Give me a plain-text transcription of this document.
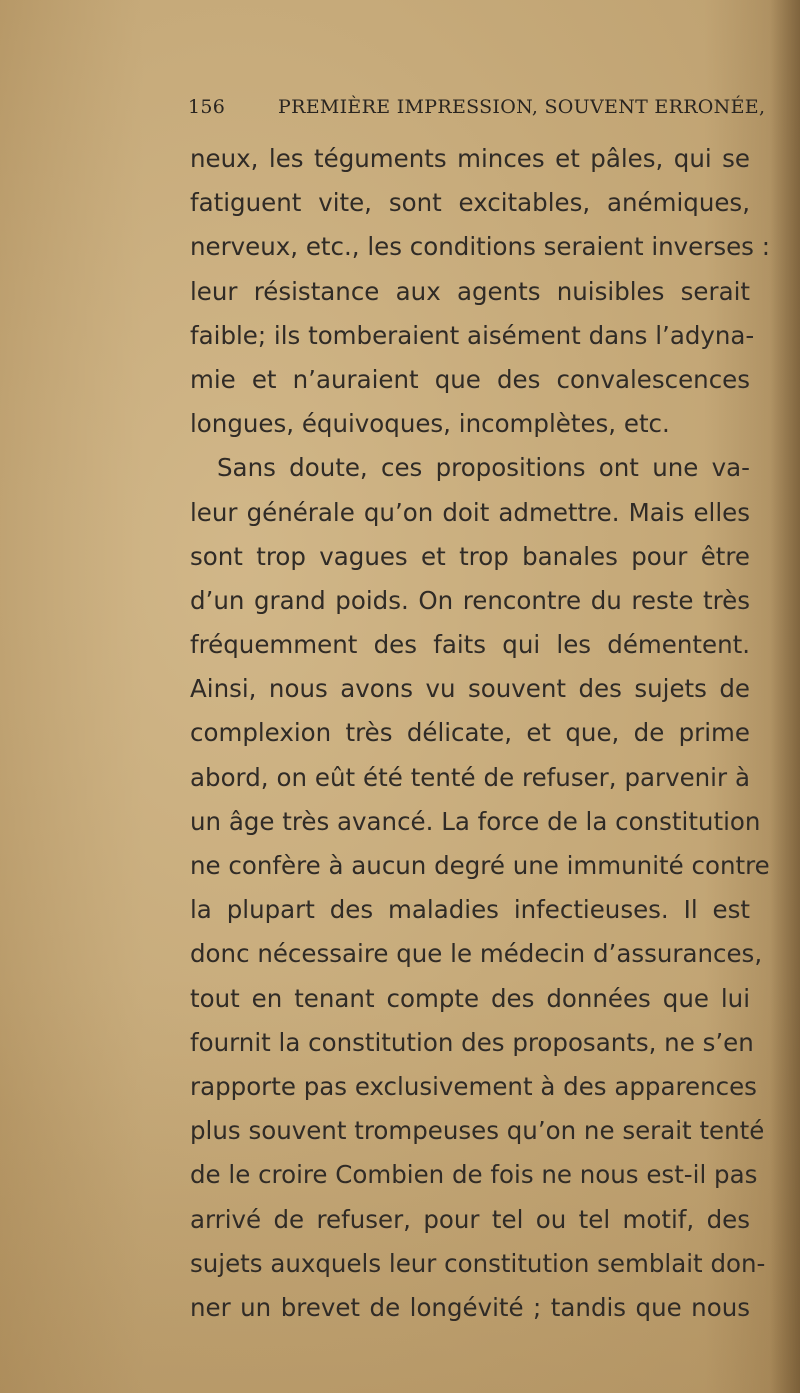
156	PREMIÈRE IMPRESSION, SOUVENT ERRONÉE,
neux, les téguments minces et pâles, qui se
fatiguent vite, sont excitables, anémiques,
nerveux, etc., les conditions seraient inverses :
leur résistance aux agents nuisibles serait
faible; ils tomberaient aisément dans l’adyna-
mie et n’auraient que des convalescences
longues, équivoques, incomplètes, etc.
Sans doute, ces propositions ont une va-
leur générale qu’on doit admettre. Mais elles
sont trop vagues et trop banales pour être
d’un grand poids. On rencontre du reste très
fréquemment des faits qui les démentent.
Ainsi, nous avons vu souvent des sujets de
complexion très délicate, et que, de prime
abord, on eût été tenté de refuser, parvenir à
un âge très avancé. La force de la constitution
ne confère à aucun degré une immunité contre
la plupart des maladies infectieuses. Il est
donc nécessaire que le médecin d’assurances,
tout en tenant compte des données que lui
fournit la constitution des proposants, ne s’en
rapporte pas exclusivement à des apparences
plus souvent trompeuses qu’on ne serait tenté
de le croire Combien de fois ne nous est-il pas
arrivé de refuser, pour tel ou tel motif, des
sujets auxquels leur constitution semblait don-
ner un brevet de longévité ; tandis que nous
